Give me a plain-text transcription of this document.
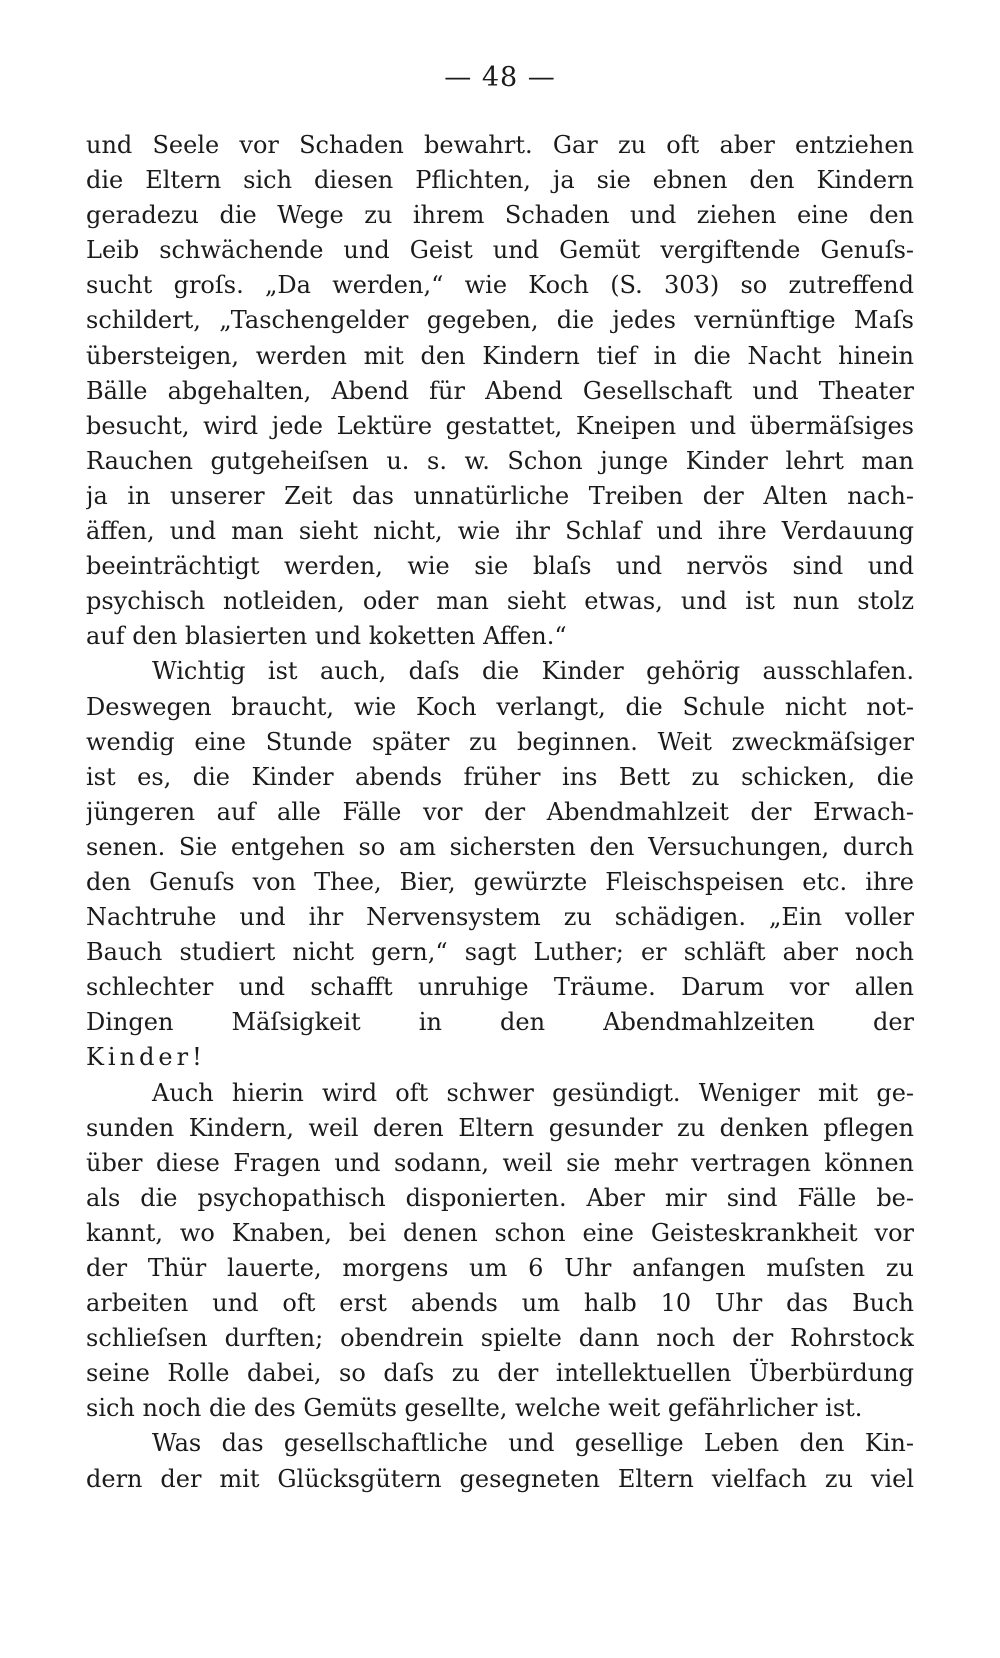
— 48 —
und Seele vor Schaden bewahrt. Gar zu oft aber entziehen
die Eltern sich diesen Pflichten, ja sie ebnen den Kindern
geradezu die Wege zu ihrem Schaden und ziehen eine den
Leib schwächende und Geist und Gemüt vergiftende Genuſs-
sucht groſs. „Da werden,“ wie Koch (S. 303) so zutreffend
schildert, „Taschengelder gegeben, die jedes vernünftige Maſs
übersteigen, werden mit den Kindern tief in die Nacht hinein
Bälle abgehalten, Abend für Abend Gesellschaft und Theater
besucht, wird jede Lektüre gestattet, Kneipen und übermäſsiges
Rauchen gutgeheiſsen u. s. w. Schon junge Kinder lehrt man
ja in unserer Zeit das unnatürliche Treiben der Alten nach-
äffen, und man sieht nicht, wie ihr Schlaf und ihre Verdauung
beeinträchtigt werden, wie sie blaſs und nervös sind und
psychisch notleiden, oder man sieht etwas, und ist nun stolz
auf den blasierten und koketten Affen.“
Wichtig ist auch, daſs die Kinder gehörig ausschlafen.
Deswegen braucht, wie Koch verlangt, die Schule nicht not-
wendig eine Stunde später zu beginnen. Weit zweckmäſsiger
ist es, die Kinder abends früher ins Bett zu schicken, die
jüngeren auf alle Fälle vor der Abendmahlzeit der Erwach-
senen. Sie entgehen so am sichersten den Versuchungen, durch
den Genuſs von Thee, Bier, gewürzte Fleischspeisen etc. ihre
Nachtruhe und ihr Nervensystem zu schädigen. „Ein voller
Bauch studiert nicht gern,“ sagt Luther; er schläft aber noch
schlechter und schafft unruhige Träume. Darum vor allen
Dingen Mäſsigkeit in den Abendmahlzeiten der
Kinder!
Auch hierin wird oft schwer gesündigt. Weniger mit ge-
sunden Kindern, weil deren Eltern gesunder zu denken pflegen
über diese Fragen und sodann, weil sie mehr vertragen können
als die psychopathisch disponierten. Aber mir sind Fälle be-
kannt, wo Knaben, bei denen schon eine Geisteskrankheit vor
der Thür lauerte, morgens um 6 Uhr anfangen muſsten zu
arbeiten und oft erst abends um halb 10 Uhr das Buch
schlieſsen durften; obendrein spielte dann noch der Rohrstock
seine Rolle dabei, so daſs zu der intellektuellen Überbürdung
sich noch die des Gemüts gesellte, welche weit gefährlicher ist.
Was das gesellschaftliche und gesellige Leben den Kin-
dern der mit Glücksgütern gesegneten Eltern vielfach zu viel
